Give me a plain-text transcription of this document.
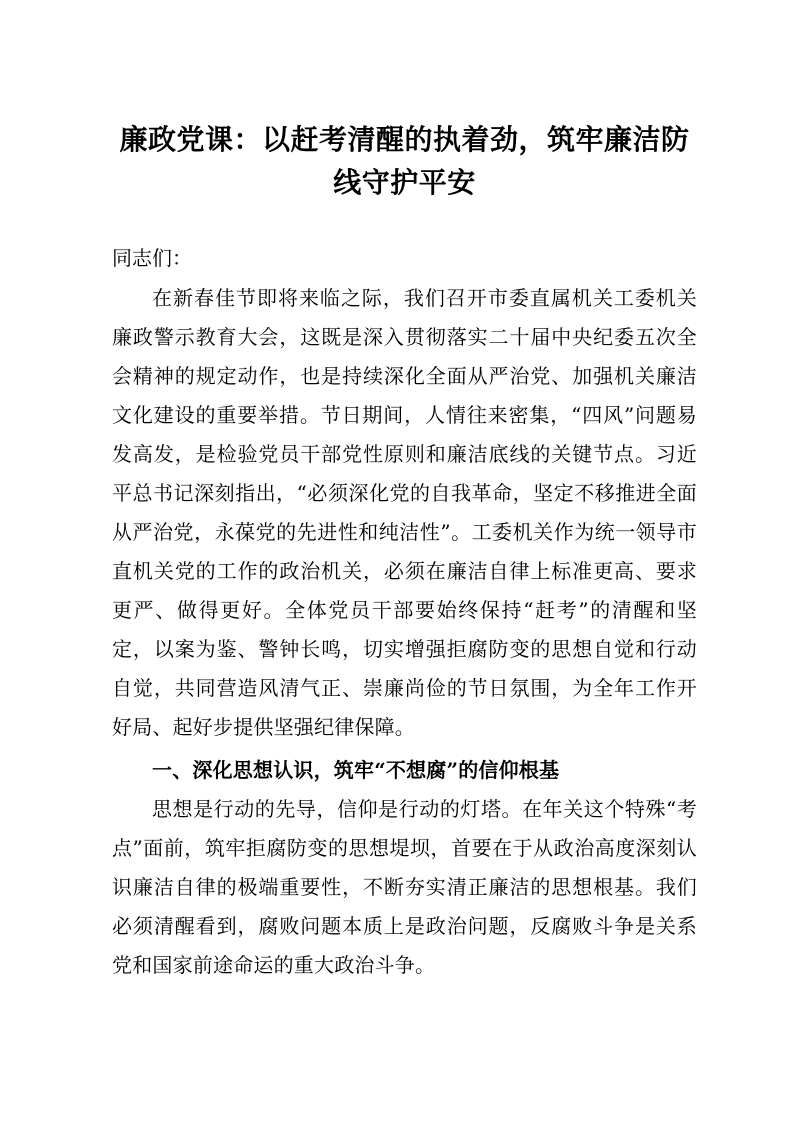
廉政党课：以赶考清醒的执着劲，筑牢廉洁防线守护平安

同志们：

在新春佳节即将来临之际，我们召开市委直属机关工委机关廉政警示教育大会，这既是深入贯彻落实二十届中央纪委五次全会精神的规定动作，也是持续深化全面从严治党、加强机关廉洁文化建设的重要举措。节日期间，人情往来密集，“四风”问题易发高发，是检验党员干部党性原则和廉洁底线的关键节点。习近平总书记深刻指出，“必须深化党的自我革命，坚定不移推进全面从严治党，永葆党的先进性和纯洁性”。工委机关作为统一领导市直机关党的工作的政治机关，必须在廉洁自律上标准更高、要求更严、做得更好。全体党员干部要始终保持“赶考”的清醒和坚定，以案为鉴、警钟长鸣，切实增强拒腐防变的思想自觉和行动自觉，共同营造风清气正、崇廉尚俭的节日氛围，为全年工作开好局、起好步提供坚强纪律保障。

一、深化思想认识，筑牢“不想腐”的信仰根基

思想是行动的先导，信仰是行动的灯塔。在年关这个特殊“考点”面前，筑牢拒腐防变的思想堤坝，首要在于从政治高度深刻认识廉洁自律的极端重要性，不断夯实清正廉洁的思想根基。我们必须清醒看到，腐败问题本质上是政治问题，反腐败斗争是关系党和国家前途命运的重大政治斗争。
